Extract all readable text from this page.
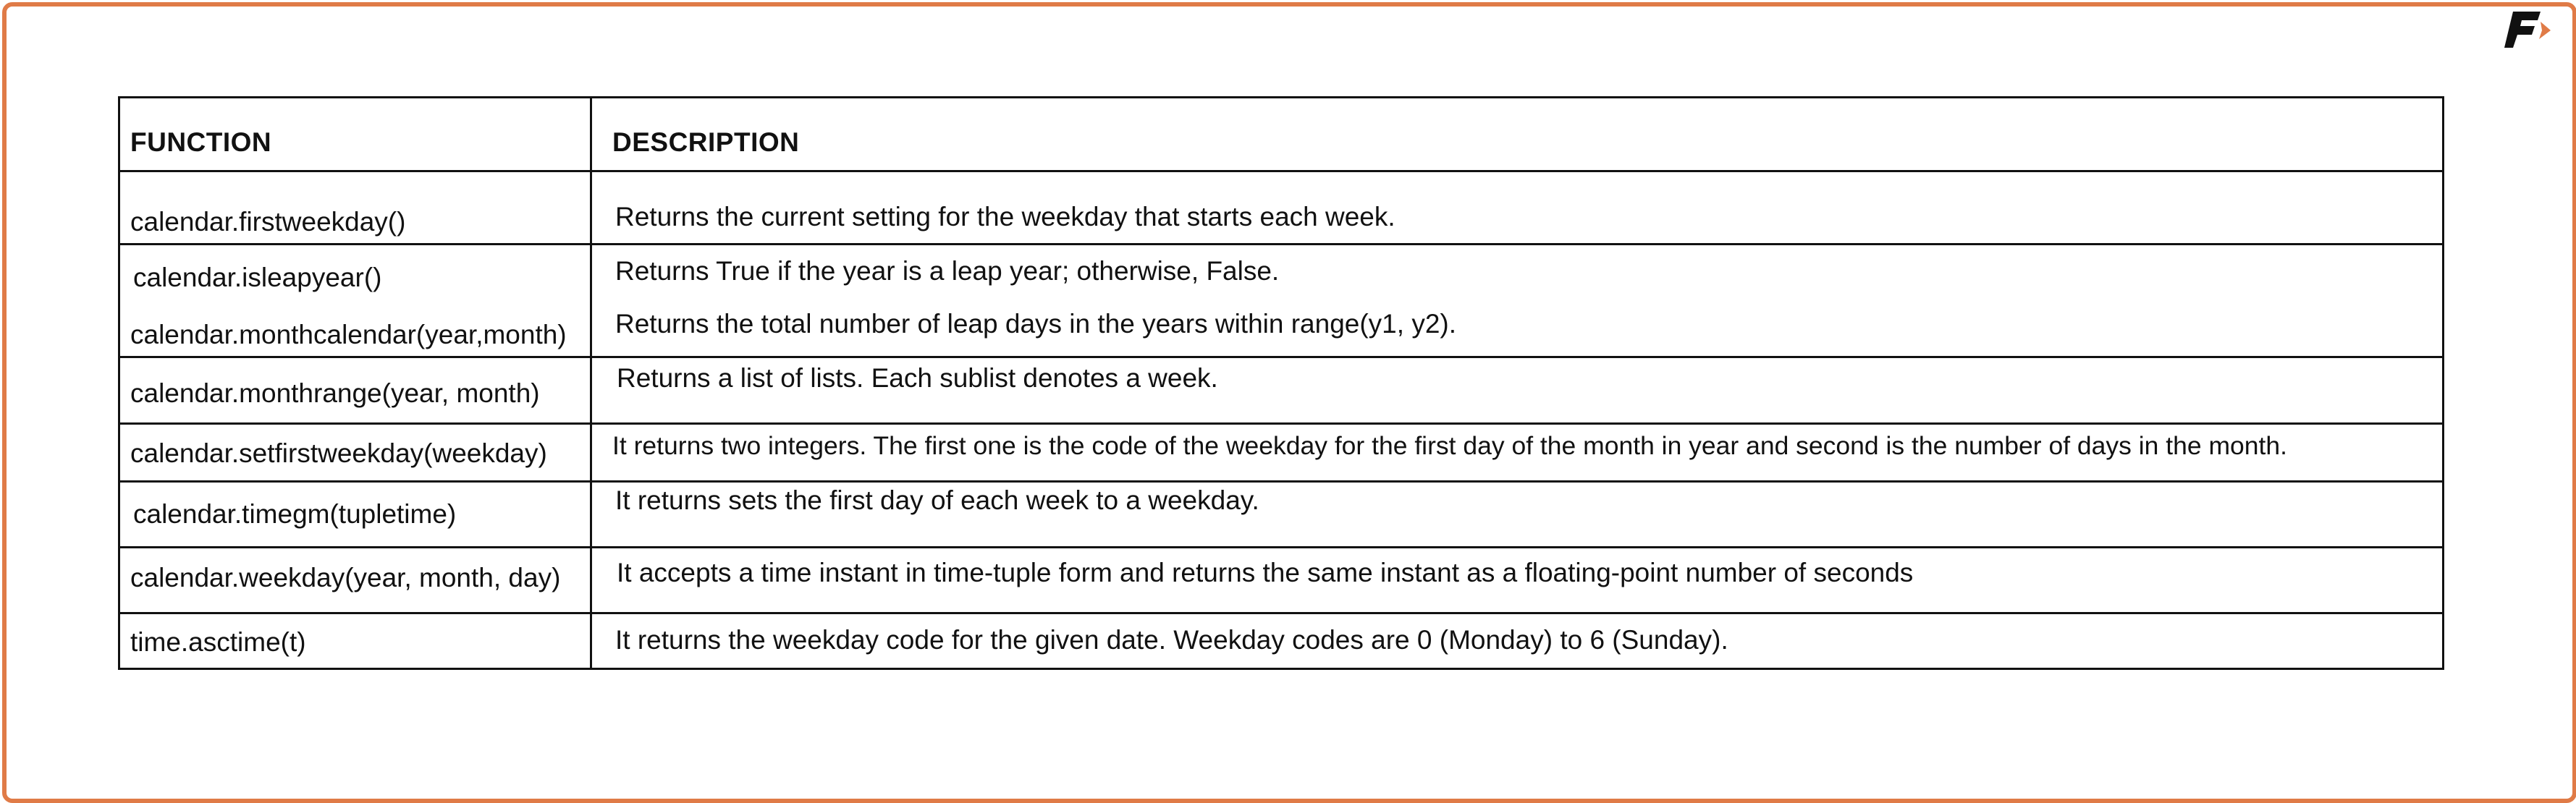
FUNCTION	DESCRIPTION
calendar.firstweekday()
calendar.isleapyear()
calendar.monthcalendar(year,month)
calendar.monthrange(year, month)
calendar.setfirstweekday(weekday)
calendar.timegm(tupletime)
calendar.weekday(year, month, day)
time.asctime(t)
Returns the current setting for the weekday that starts each week.
Returns True if the year is a leap year; otherwise, False.
Returns the total number of leap days in the years within range(y1, y2).
Returns a list of lists. Each sublist denotes a week.
It returns two integers. The first one is the code of the weekday for the first day of the month in year and second is the number of days in the month.
It returns sets the first day of each week to a weekday.
It accepts a time instant in time-tuple form and returns the same instant as a floating-point number of seconds
It returns the weekday code for the given date. Weekday codes are 0 (Monday) to 6 (Sunday).
